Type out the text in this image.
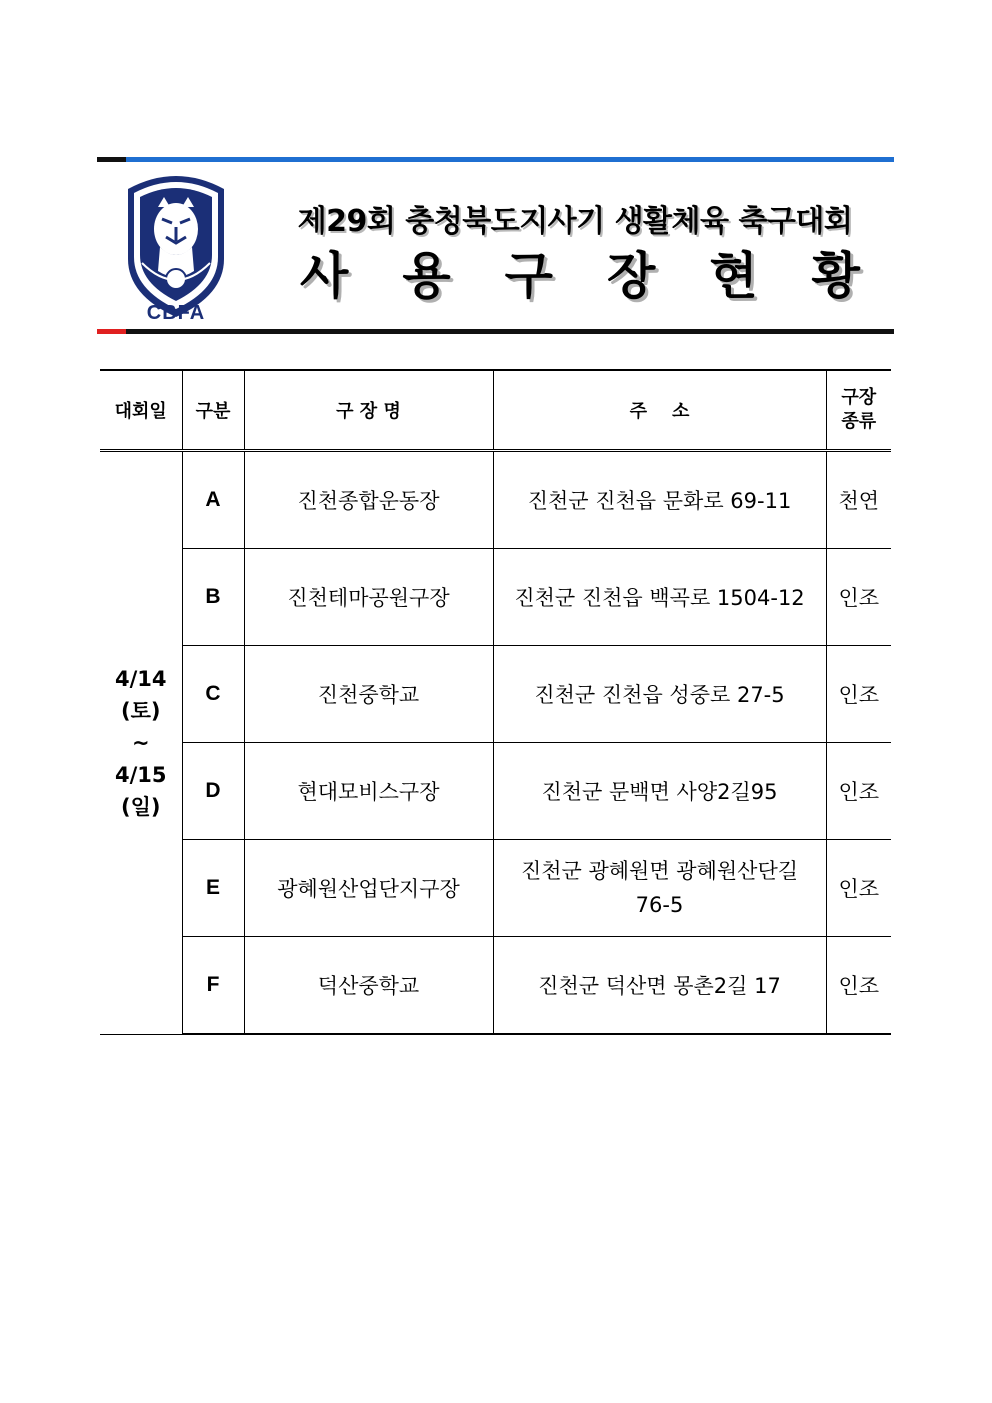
CBFA
제29회 충청북도지사기 생활체육 축구대회
사 용 구 장 현 황
대회일	구분	구 장 명	주    소	구장
종류

4/14
(토)
~
4/15
(일)	A	진천종합운동장	진천군 진천읍 문화로 69-11	천연
	B	진천테마공원구장	진천군 진천읍 백곡로 1504-12	인조
	C	진천중학교	진천군 진천읍 성중로 27-5	인조
	D	현대모비스구장	진천군 문백면 사양2길95	인조
	E	광혜원산업단지구장	진천군 광혜원면 광혜원산단길
76-5	인조
	F	덕산중학교	진천군 덕산면 몽촌2길 17	인조
